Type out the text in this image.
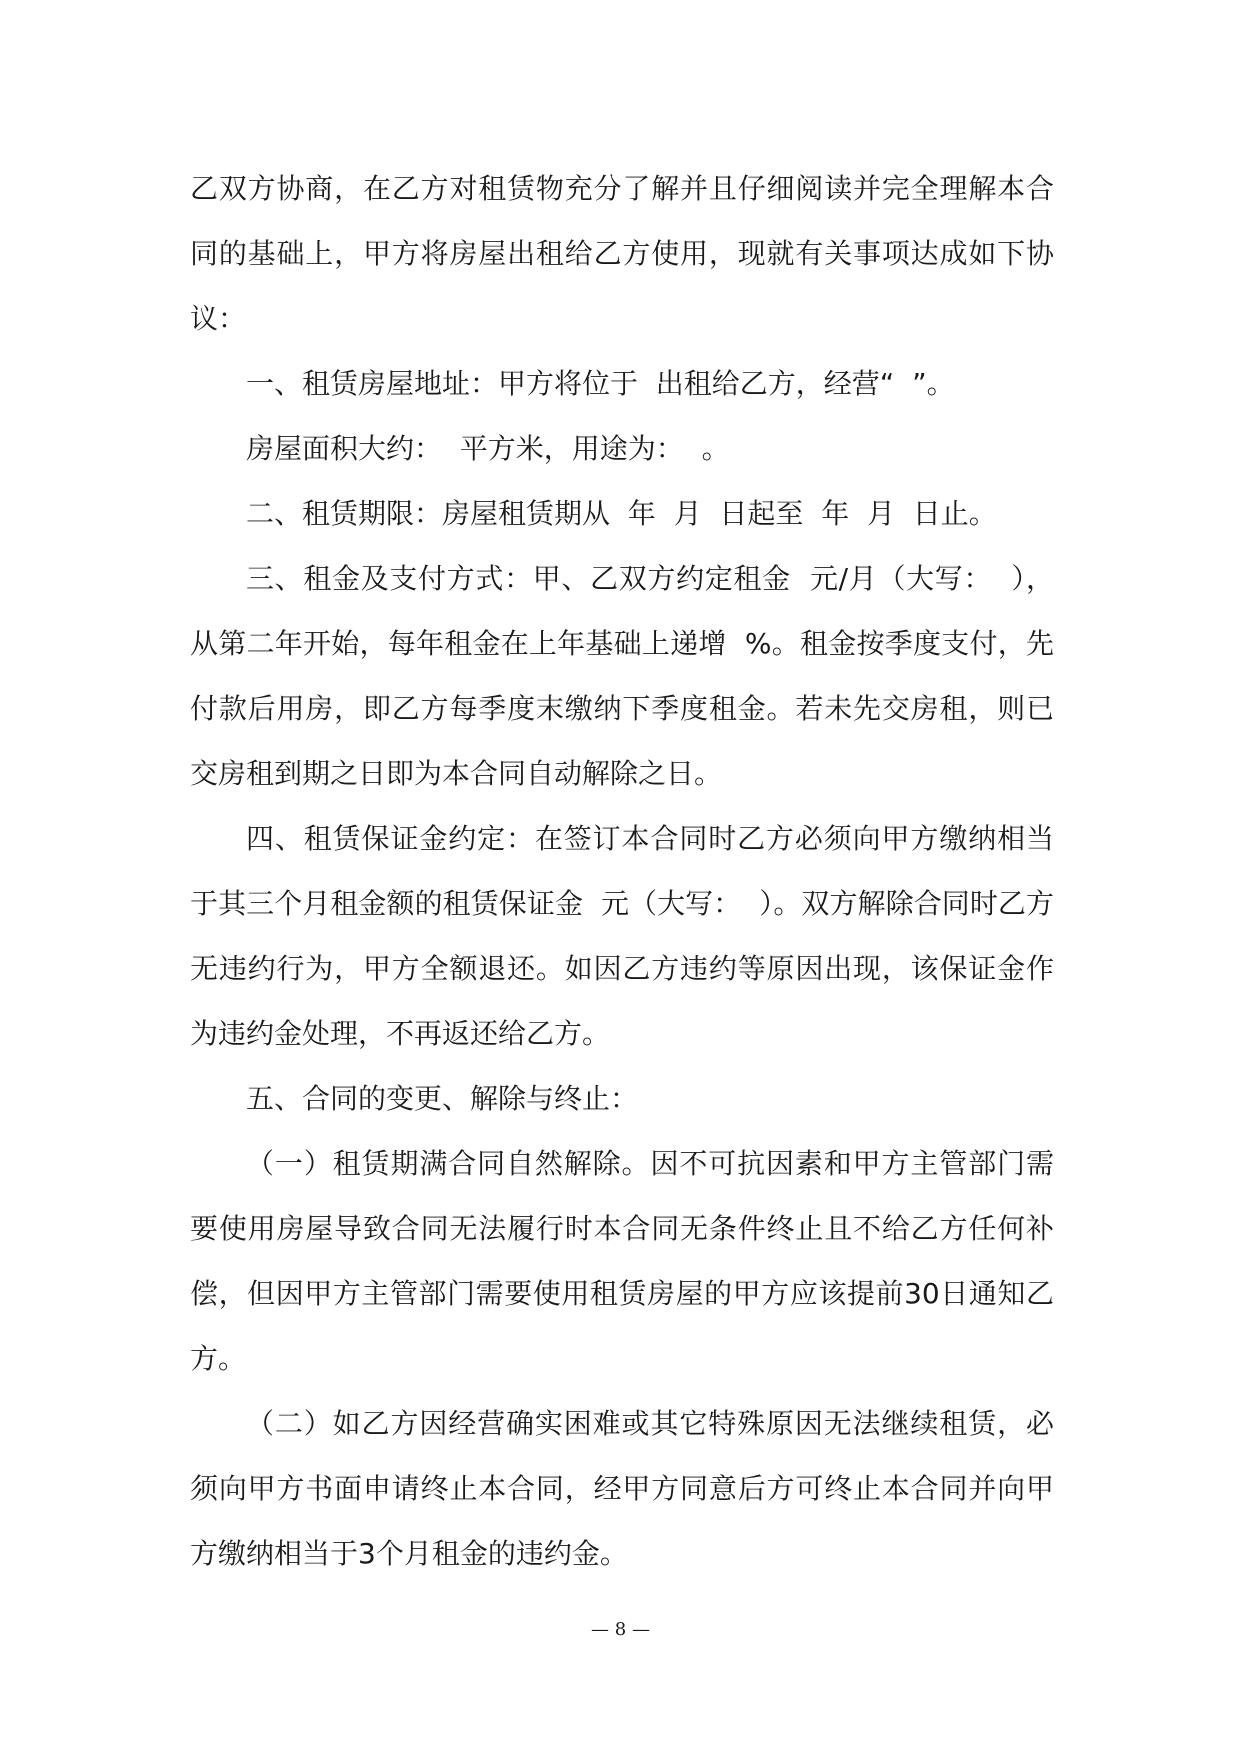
乙双方协商，在乙方对租赁物充分了解并且仔细阅读并完全理解本合同的基础上，甲方将房屋出租给乙方使用，现就有关事项达成如下协议：

一、租赁房屋地址：甲方将位于  出租给乙方，经营“  ”。

房屋面积大约：  平方米，用途为：  。

二、租赁期限：房屋租赁期从  年  月  日起至  年  月  日止。

三、租金及支付方式：甲、乙双方约定租金  元/月（大写：  ），从第二年开始，每年租金在上年基础上递增  %。租金按季度支付，先付款后用房，即乙方每季度末缴纳下季度租金。若未先交房租，则已交房租到期之日即为本合同自动解除之日。

四、租赁保证金约定：在签订本合同时乙方必须向甲方缴纳相当于其三个月租金额的租赁保证金  元（大写：  ）。双方解除合同时乙方无违约行为，甲方全额退还。如因乙方违约等原因出现，该保证金作为违约金处理，不再返还给乙方。

五、合同的变更、解除与终止：

（一）租赁期满合同自然解除。因不可抗因素和甲方主管部门需要使用房屋导致合同无法履行时本合同无条件终止且不给乙方任何补偿，但因甲方主管部门需要使用租赁房屋的甲方应该提前30日通知乙方。

（二）如乙方因经营确实困难或其它特殊原因无法继续租赁，必须向甲方书面申请终止本合同，经甲方同意后方可终止本合同并向甲方缴纳相当于3个月租金的违约金。

— 8 —
